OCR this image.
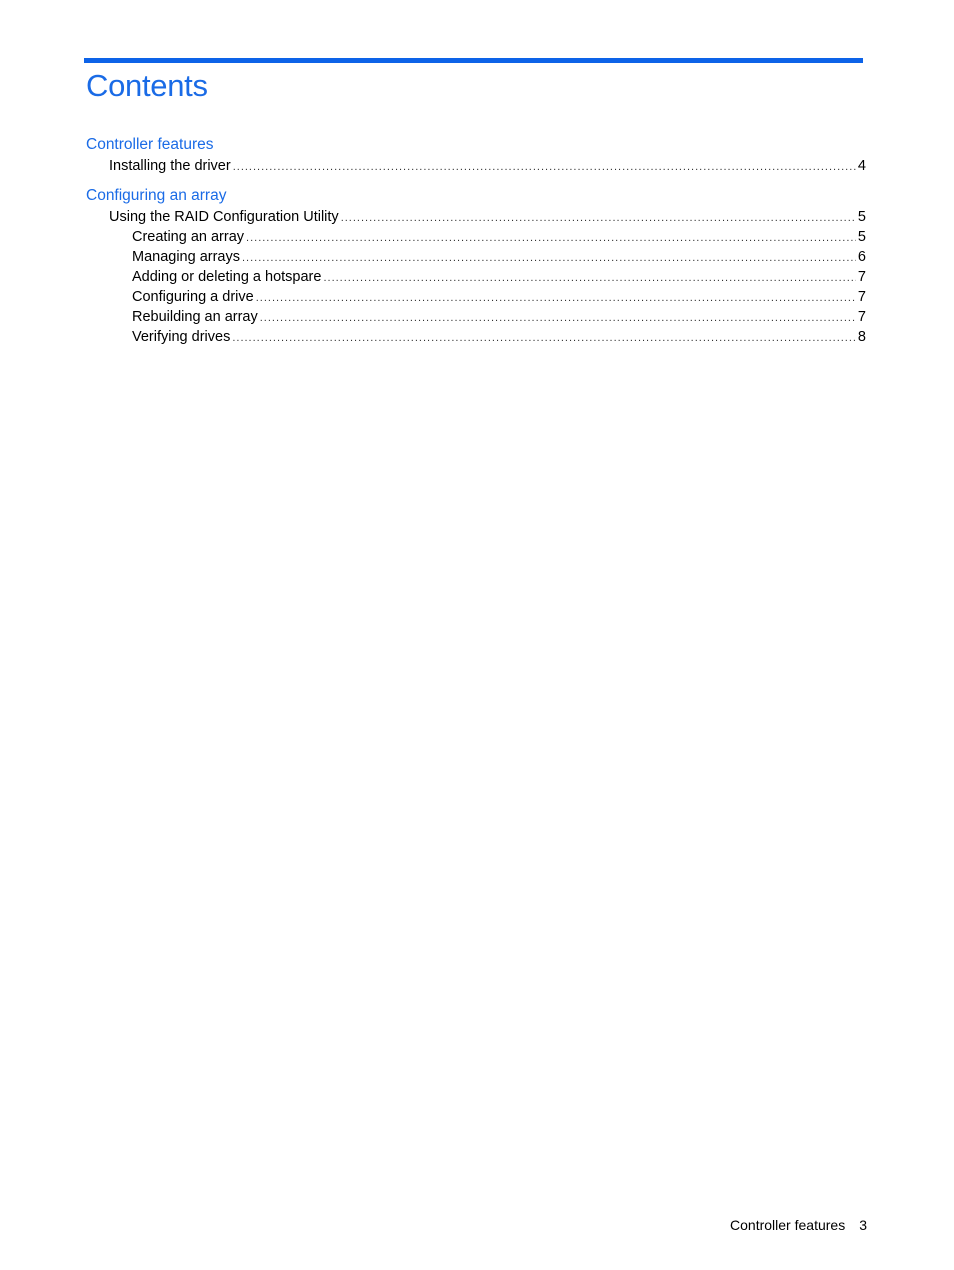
Contents
Controller features
Installing the driver .....	4
Configuring an array
Using the RAID Configuration Utility .....	5
Creating an array .....	5
Managing arrays .....	6
Adding or deleting a hotspare .....	7
Configuring a drive .....	7
Rebuilding an array .....	7
Verifying drives .....	8
Controller features 3
